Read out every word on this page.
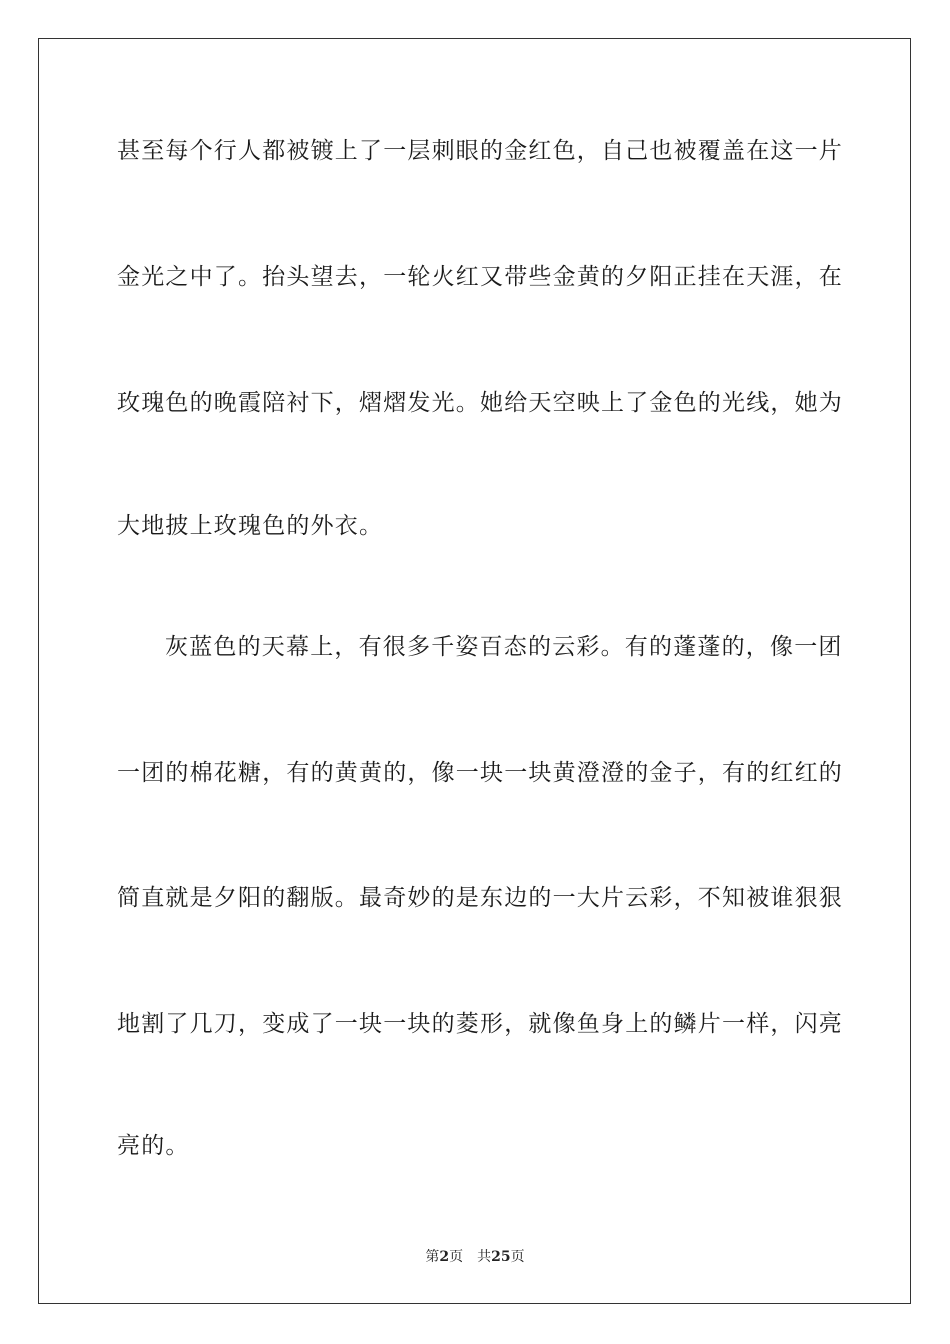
甚至每个行人都被镀上了一层刺眼的金红色，自己也被覆盖在这一片
金光之中了。抬头望去，一轮火红又带些金黄的夕阳正挂在天涯，在
玫瑰色的晚霞陪衬下，熠熠发光。她给天空映上了金色的光线，她为
大地披上玫瑰色的外衣。
灰蓝色的天幕上，有很多千姿百态的云彩。有的蓬蓬的，像一团
一团的棉花糖，有的黄黄的，像一块一块黄澄澄的金子，有的红红的
简直就是夕阳的翻版。最奇妙的是东边的一大片云彩，不知被谁狠狠
地割了几刀，变成了一块一块的菱形，就像鱼身上的鳞片一样，闪亮
亮的。
第2页 共25页
